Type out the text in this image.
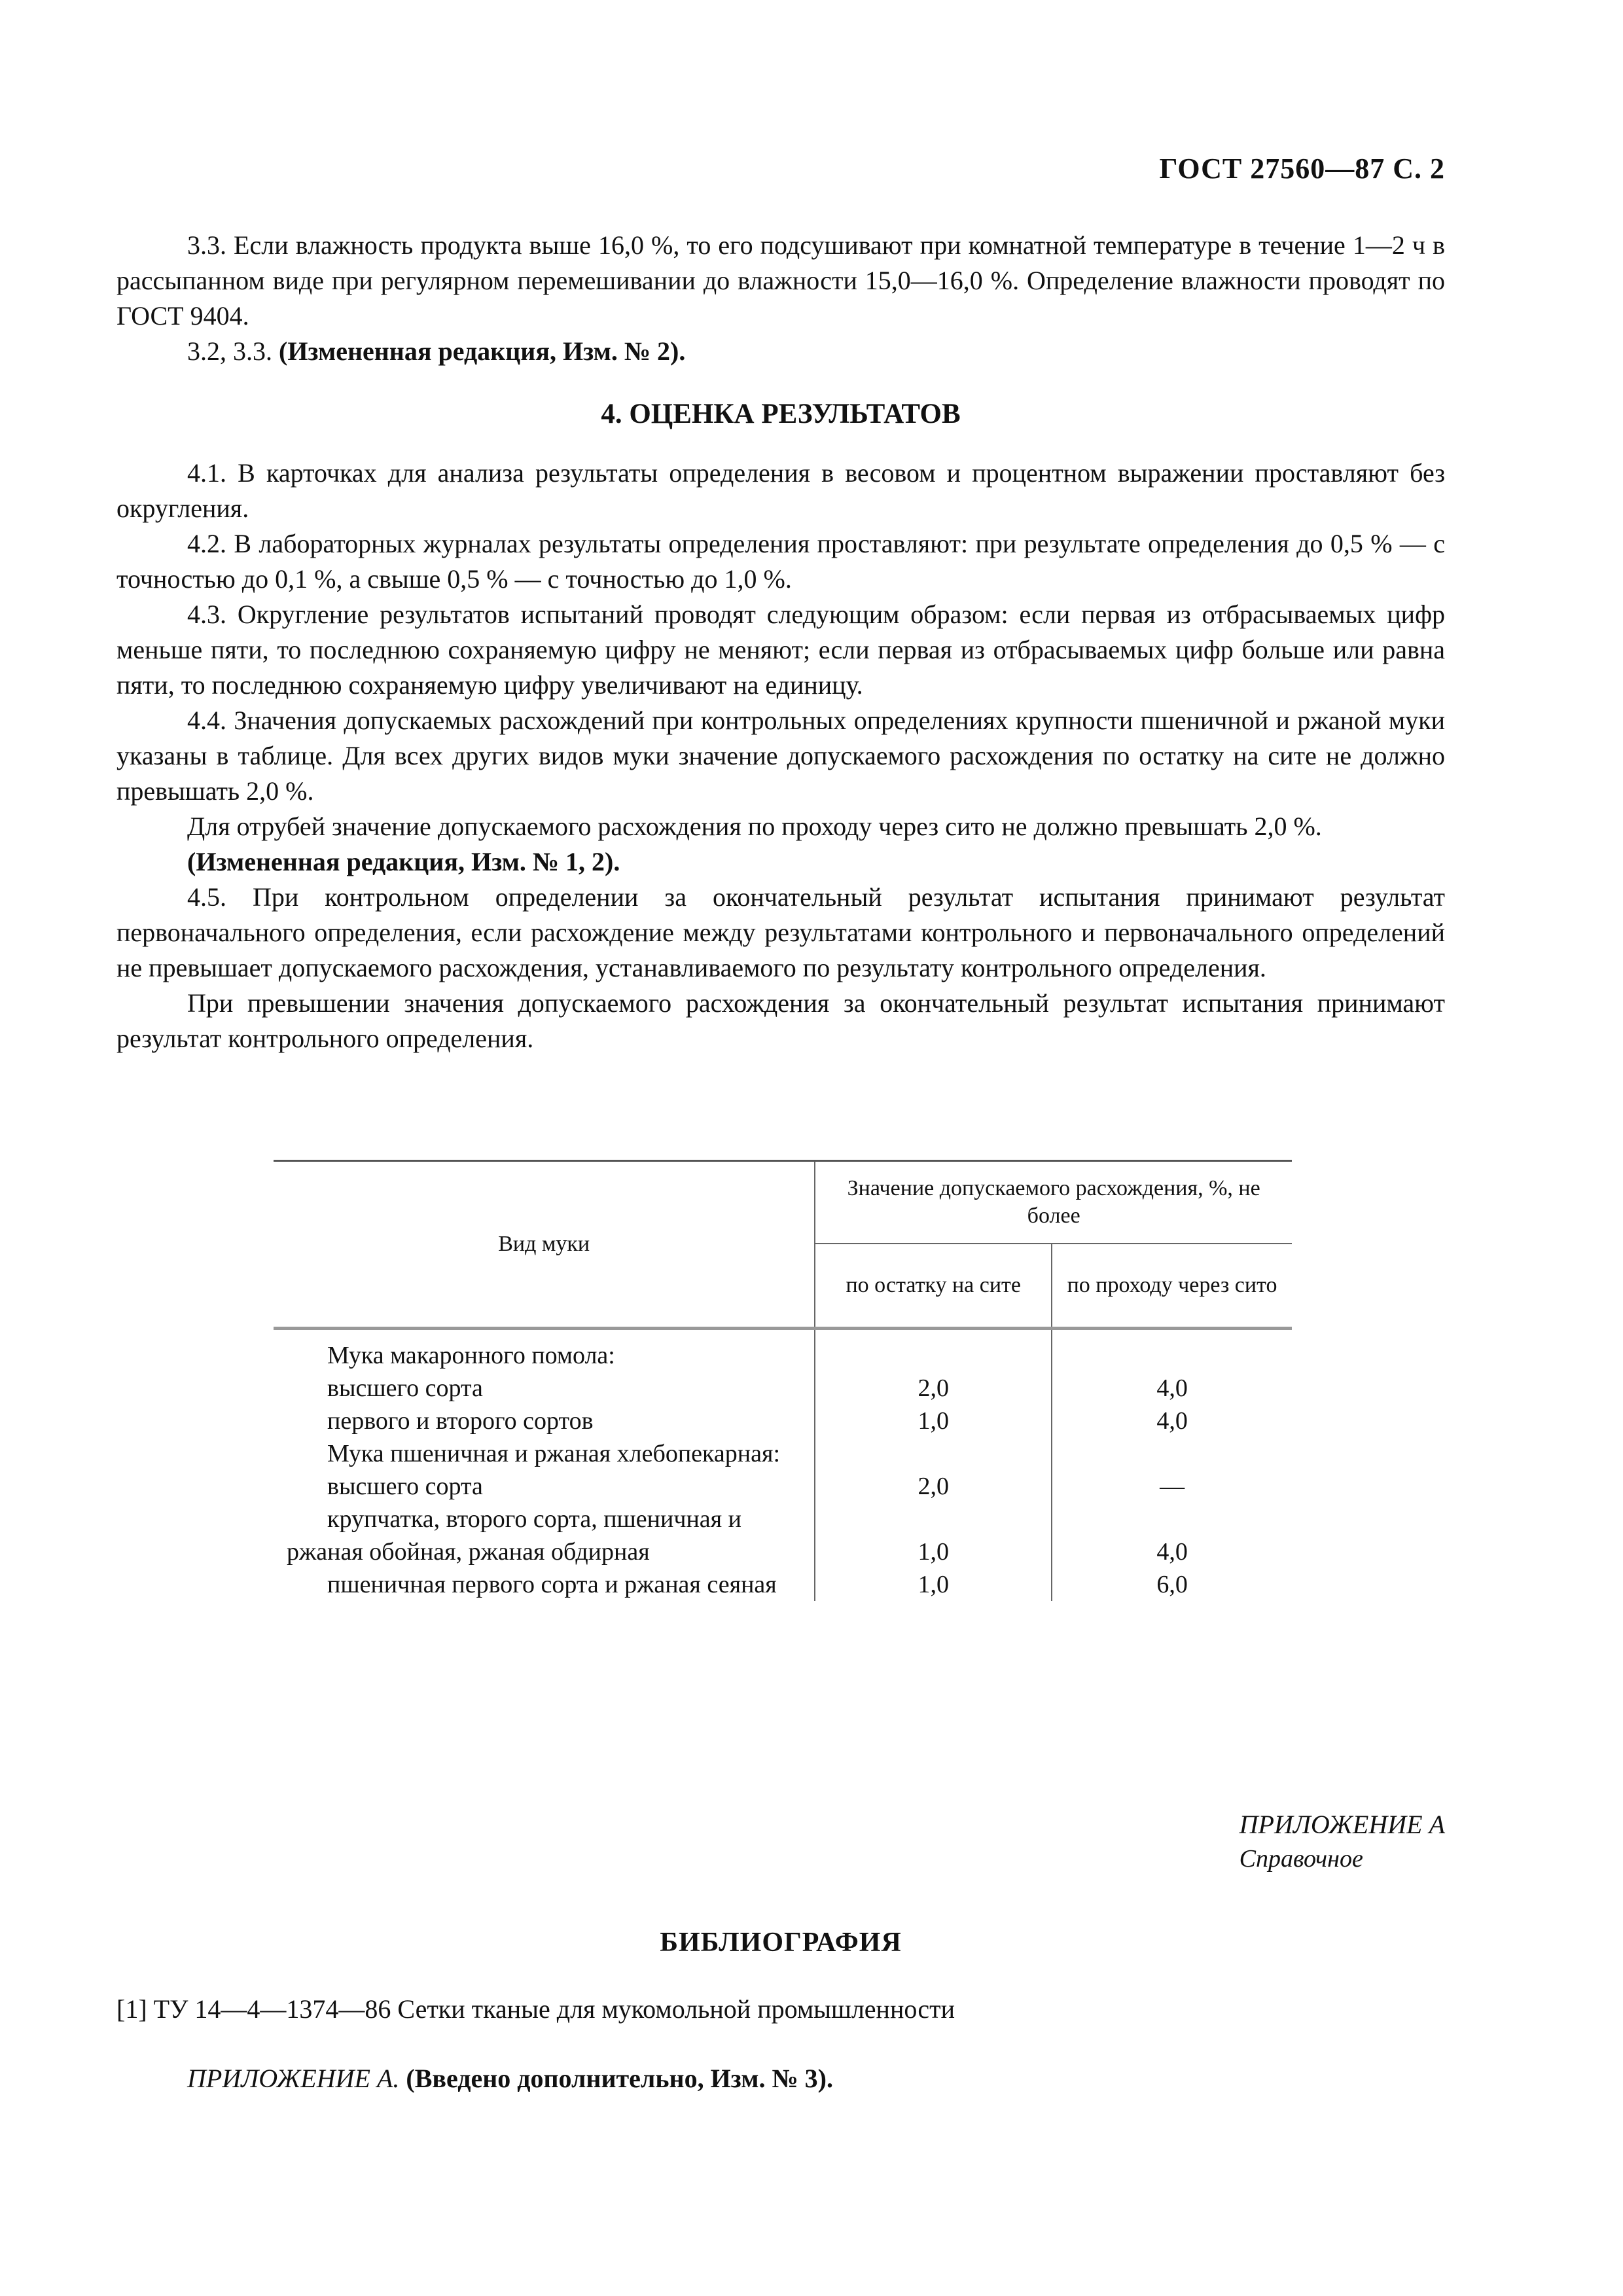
ГОСТ 27560—87 С. 2

3.3. Если влажность продукта выше 16,0 %, то его подсушивают при комнатной температуре в течение 1—2 ч в рассыпанном виде при регулярном перемешивании до влажности 15,0—16,0 %. Определение влажности проводят по ГОСТ 9404.

3.2, 3.3. (Измененная редакция, Изм. № 2).

4. ОЦЕНКА РЕЗУЛЬТАТОВ

4.1. В карточках для анализа результаты определения в весовом и процентном выражении проставляют без округления.

4.2. В лабораторных журналах результаты определения проставляют: при результате определения до 0,5 % — с точностью до 0,1 %, а свыше 0,5 % — с точностью до 1,0 %.

4.3. Округление результатов испытаний проводят следующим образом: если первая из отбрасываемых цифр меньше пяти, то последнюю сохраняемую цифру не меняют; если первая из отбрасываемых цифр больше или равна пяти, то последнюю сохраняемую цифру увеличивают на единицу.

4.4. Значения допускаемых расхождений при контрольных определениях крупности пшеничной и ржаной муки указаны в таблице. Для всех других видов муки значение допускаемого расхождения по остатку на сите не должно превышать 2,0 %.

Для отрубей значение допускаемого расхождения по проходу через сито не должно превышать 2,0 %.

(Измененная редакция, Изм. № 1, 2).

4.5. При контрольном определении за окончательный результат испытания принимают результат первоначального определения, если расхождение между результатами контрольного и первоначального определений не превышает допускаемого расхождения, устанавливаемого по результату контрольного определения.

При превышении значения допускаемого расхождения за окончательный результат испытания принимают результат контрольного определения.

Вид муки	Значение допускаемого расхождения, %, не более	
	по остатку на сите	по проходу через сито
Мука макаронного помола:		
высшего сорта	2,0	4,0
первого и второго сортов	1,0	4,0

Мука пшеничная и ржаная хлебопекарная:		

высшего сорта	2,0	—

крупчатка, второго сорта, пшеничная и ржаная обойная, ржаная обдирная	1,0	4,0

пшеничная первого сорта и ржаная сеяная	1,0	6,0
ПРИЛОЖЕНИЕ А
Справочное
БИБЛИОГРАФИЯ
[1] ТУ 14—4—1374—86 Сетки тканые для мукомольной промышленности
ПРИЛОЖЕНИЕ А. (Введено дополнительно, Изм. № 3).
